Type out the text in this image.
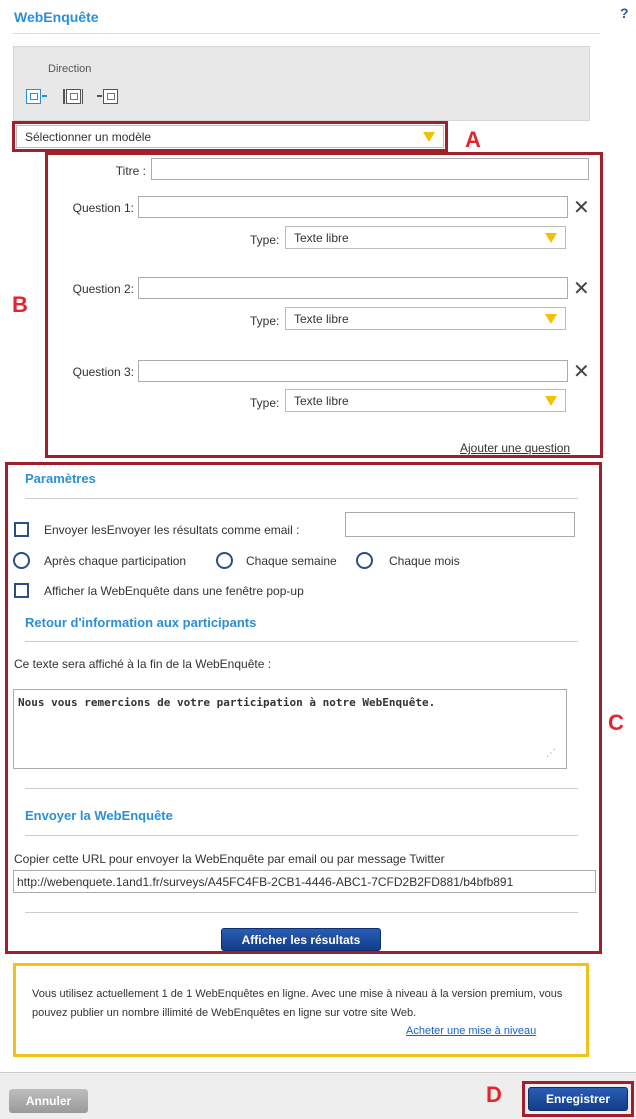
WebEnquête	?
Direction
Sélectionner un modèle	A
B
Titre :
Question 1:	✕
Type: Texte libre
Question 2:	✕
Type: Texte libre
Question 3:	✕
Type: Texte libre
Ajouter une question
C
Paramètres
Envoyer lesEnvoyer les résultats comme email :
Après chaque participation	Chaque semaine	Chaque mois
Afficher la WebEnquête dans une fenêtre pop-up
Retour d'information aux participants
Ce texte sera affiché à la fin de la WebEnquête :
Nous vous remercions de votre participation à notre WebEnquête.
⋰
Envoyer la WebEnquête
Copier cette URL pour envoyer la WebEnquête par email ou par message Twitter
http://webenquete.1and1.fr/surveys/A45FC4FB-2CB1-4446-ABC1-7CFD2B2FD881/b4bfb891
Afficher les résultats
Vous utilisez actuellement 1 de 1 WebEnquêtes en ligne. Avec une mise à niveau à la version premium, vous pouvez publier un nombre illimité de WebEnquêtes en ligne sur votre site Web.
Acheter une mise à niveau
Annuler	D	Enregistrer
